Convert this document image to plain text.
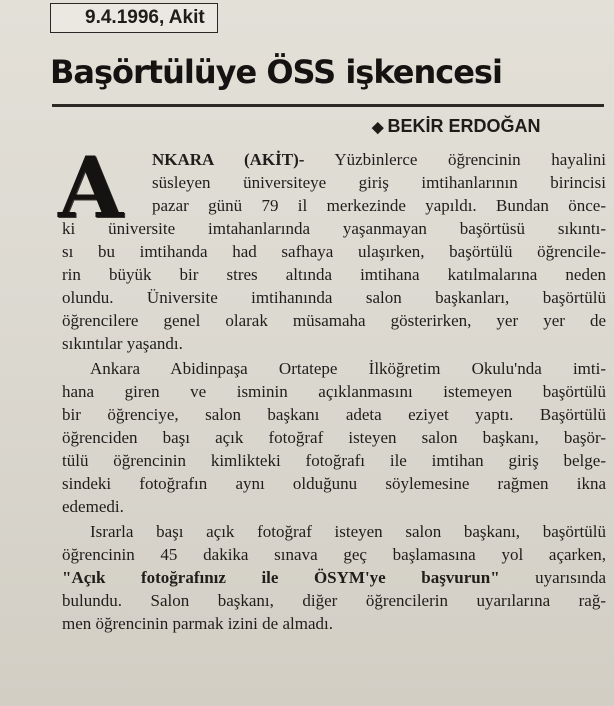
9.4.1996, Akit
Başörtülüye ÖSS işkencesi
◆ BEKİR ERDOĞAN
A NKARA (AKİT)- Yüzbinlerce öğrencinin hayalini
süsleyen üniversiteye giriş imtihanlarının birincisi
pazar günü 79 il merkezinde yapıldı. Bundan önce-
ki üniversite imtahanlarında yaşanmayan başörtüsü sıkıntı-
sı bu imtihanda had safhaya ulaşırken, başörtülü öğrencile-
rin büyük bir stres altında imtihana katılmalarına neden
olundu. Üniversite imtihanında salon başkanları, başörtülü
öğrencilere genel olarak müsamaha gösterirken, yer yer de
sıkıntılar yaşandı.
Ankara Abidinpaşa Ortatepe İlköğretim Okulu'nda imti-
hana giren ve isminin açıklanmasını istemeyen başörtülü
bir öğrenciye, salon başkanı adeta eziyet yaptı. Başörtülü
öğrenciden başı açık fotoğraf isteyen salon başkanı, başör-
tülü öğrencinin kimlikteki fotoğrafı ile imtihan giriş belge-
sindeki fotoğrafın aynı olduğunu söylemesine rağmen ikna
edemedi.
Israrla başı açık fotoğraf isteyen salon başkanı, başörtülü
öğrencinin 45 dakika sınava geç başlamasına yol açarken,
"Açık fotoğrafınız ile ÖSYM'ye başvurun" uyarısında
bulundu. Salon başkanı, diğer öğrencilerin uyarılarına rağ-
men öğrencinin parmak izini de almadı.
